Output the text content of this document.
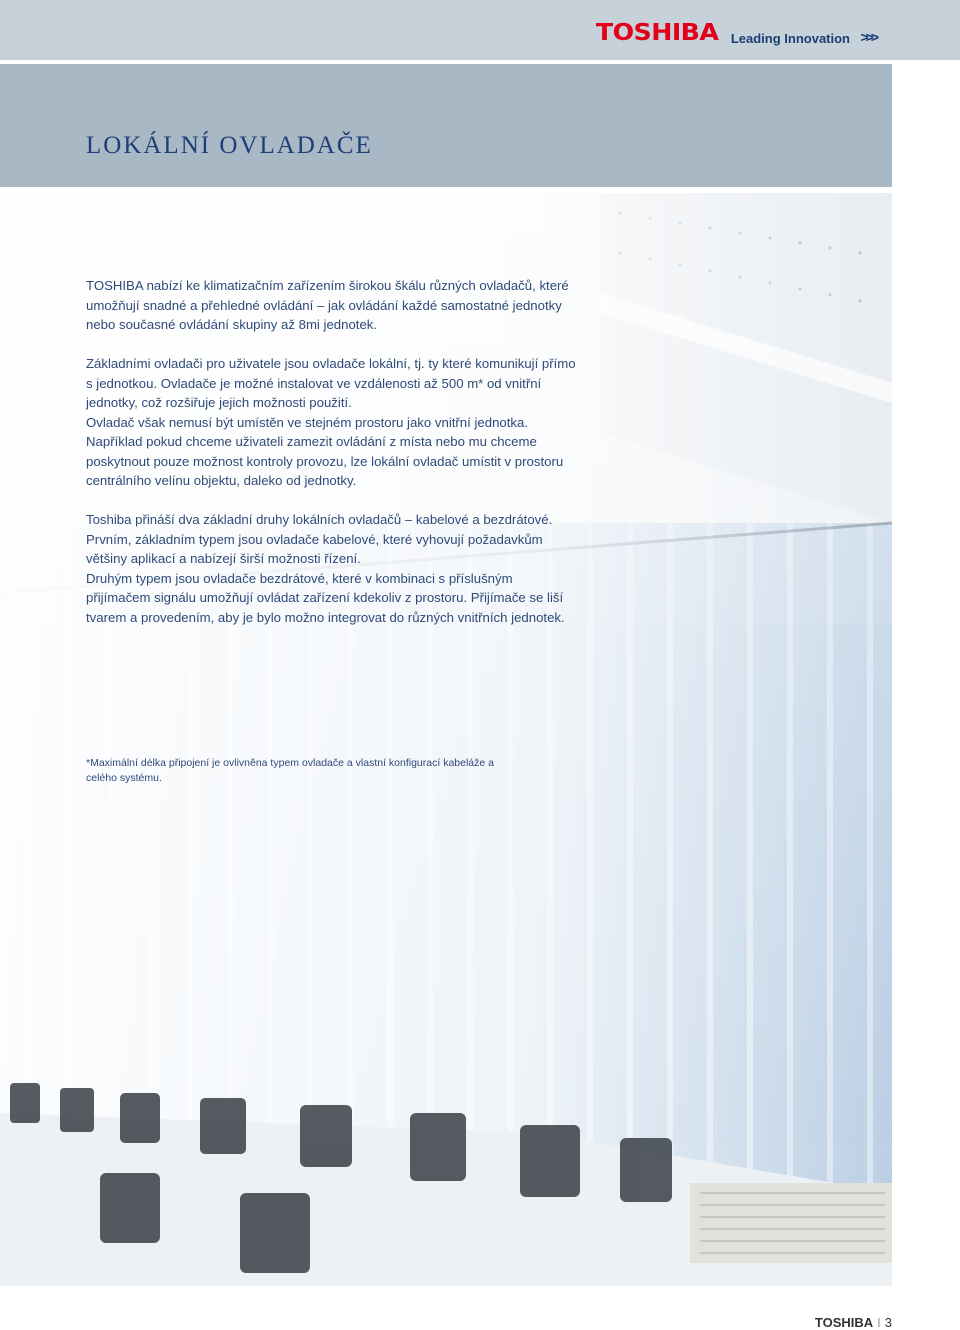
TOSHIBA Leading Innovation >>>
LOKÁLNÍ OVLADAČE

TOSHIBA nabízí ke klimatizačním zařízením širokou škálu různých ovladačů, které umožňují snadné a přehledné ovládání – jak ovládání každé samostatné jednotky nebo současné ovládání skupiny až 8mi jednotek.

Základními ovladači pro uživatele jsou ovladače lokální, tj. ty které komunikují přímo s jednotkou. Ovladače je možné instalovat ve vzdálenosti až 500 m* od vnitřní jednotky, což rozšiřuje jejich možnosti použití.

Ovladač však nemusí být umístěn ve stejném prostoru jako vnitřní jednotka. Například pokud chceme uživateli zamezit ovládání z místa nebo mu chceme poskytnout pouze možnost kontroly provozu, lze lokální ovladač umístit v prostoru centrálního velínu objektu, daleko od jednotky.

Toshiba přináší dva základní druhy lokálních ovladačů – kabelové a bezdrátové.

Prvním, základním typem jsou ovladače kabelové, které vyhovují požadavkům většiny aplikací a nabízejí širší možnosti řízení.

Druhým typem jsou ovladače bezdrátové, které v kombinaci s příslušným přijímačem signálu umožňují ovládat zařízení kdekoliv z prostoru. Přijímače se liší tvarem a provedením, aby je bylo možno integrovat do různých vnitřních jednotek.

*Maximální délka připojení je ovlivněna typem ovladače a vlastní konfigurací kabeláže a celého systému.
TOSHIBA I 3
